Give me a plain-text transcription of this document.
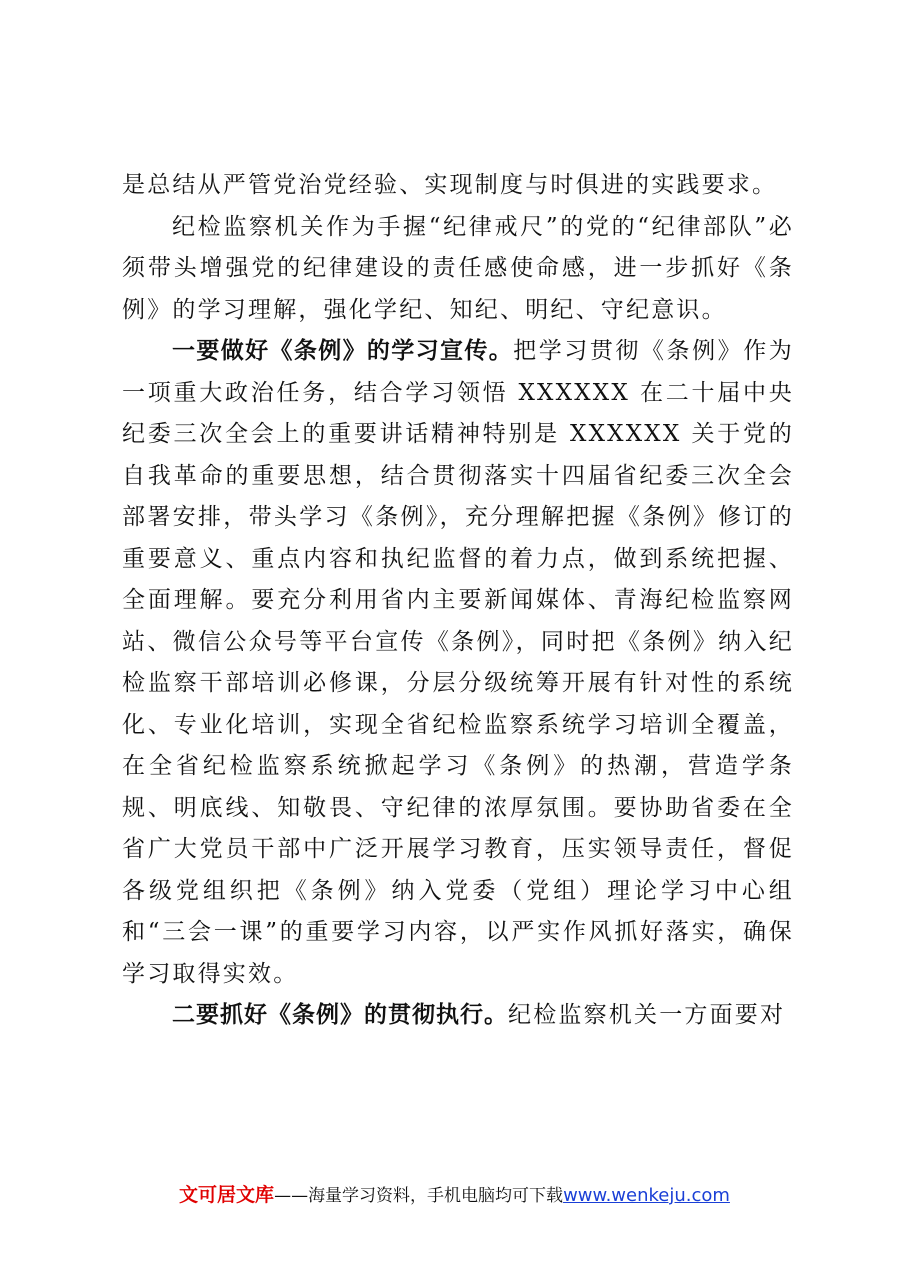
是总结从严管党治党经验、实现制度与时俱进的实践要求。

纪检监察机关作为手握“纪律戒尺”的党的“纪律部队”必须带头增强党的纪律建设的责任感使命感，进一步抓好《条例》的学习理解，强化学纪、知纪、明纪、守纪意识。

一要做好《条例》的学习宣传。把学习贯彻《条例》作为一项重大政治任务，结合学习领悟 XXXXXX 在二十届中央纪委三次全会上的重要讲话精神特别是 XXXXXX 关于党的自我革命的重要思想，结合贯彻落实十四届省纪委三次全会部署安排，带头学习《条例》，充分理解把握《条例》修订的重要意义、重点内容和执纪监督的着力点，做到系统把握、全面理解。要充分利用省内主要新闻媒体、青海纪检监察网站、微信公众号等平台宣传《条例》，同时把《条例》纳入纪检监察干部培训必修课，分层分级统筹开展有针对性的系统化、专业化培训，实现全省纪检监察系统学习培训全覆盖，在全省纪检监察系统掀起学习《条例》的热潮，营造学条规、明底线、知敬畏、守纪律的浓厚氛围。要协助省委在全省广大党员干部中广泛开展学习教育，压实领导责任，督促各级党组织把《条例》纳入党委（党组）理论学习中心组和“三会一课”的重要学习内容，以严实作风抓好落实，确保学习取得实效。

二要抓好《条例》的贯彻执行。纪检监察机关一方面要对

文可居文库——海量学习资料，手机电脑均可下载www.wenkeju.com
